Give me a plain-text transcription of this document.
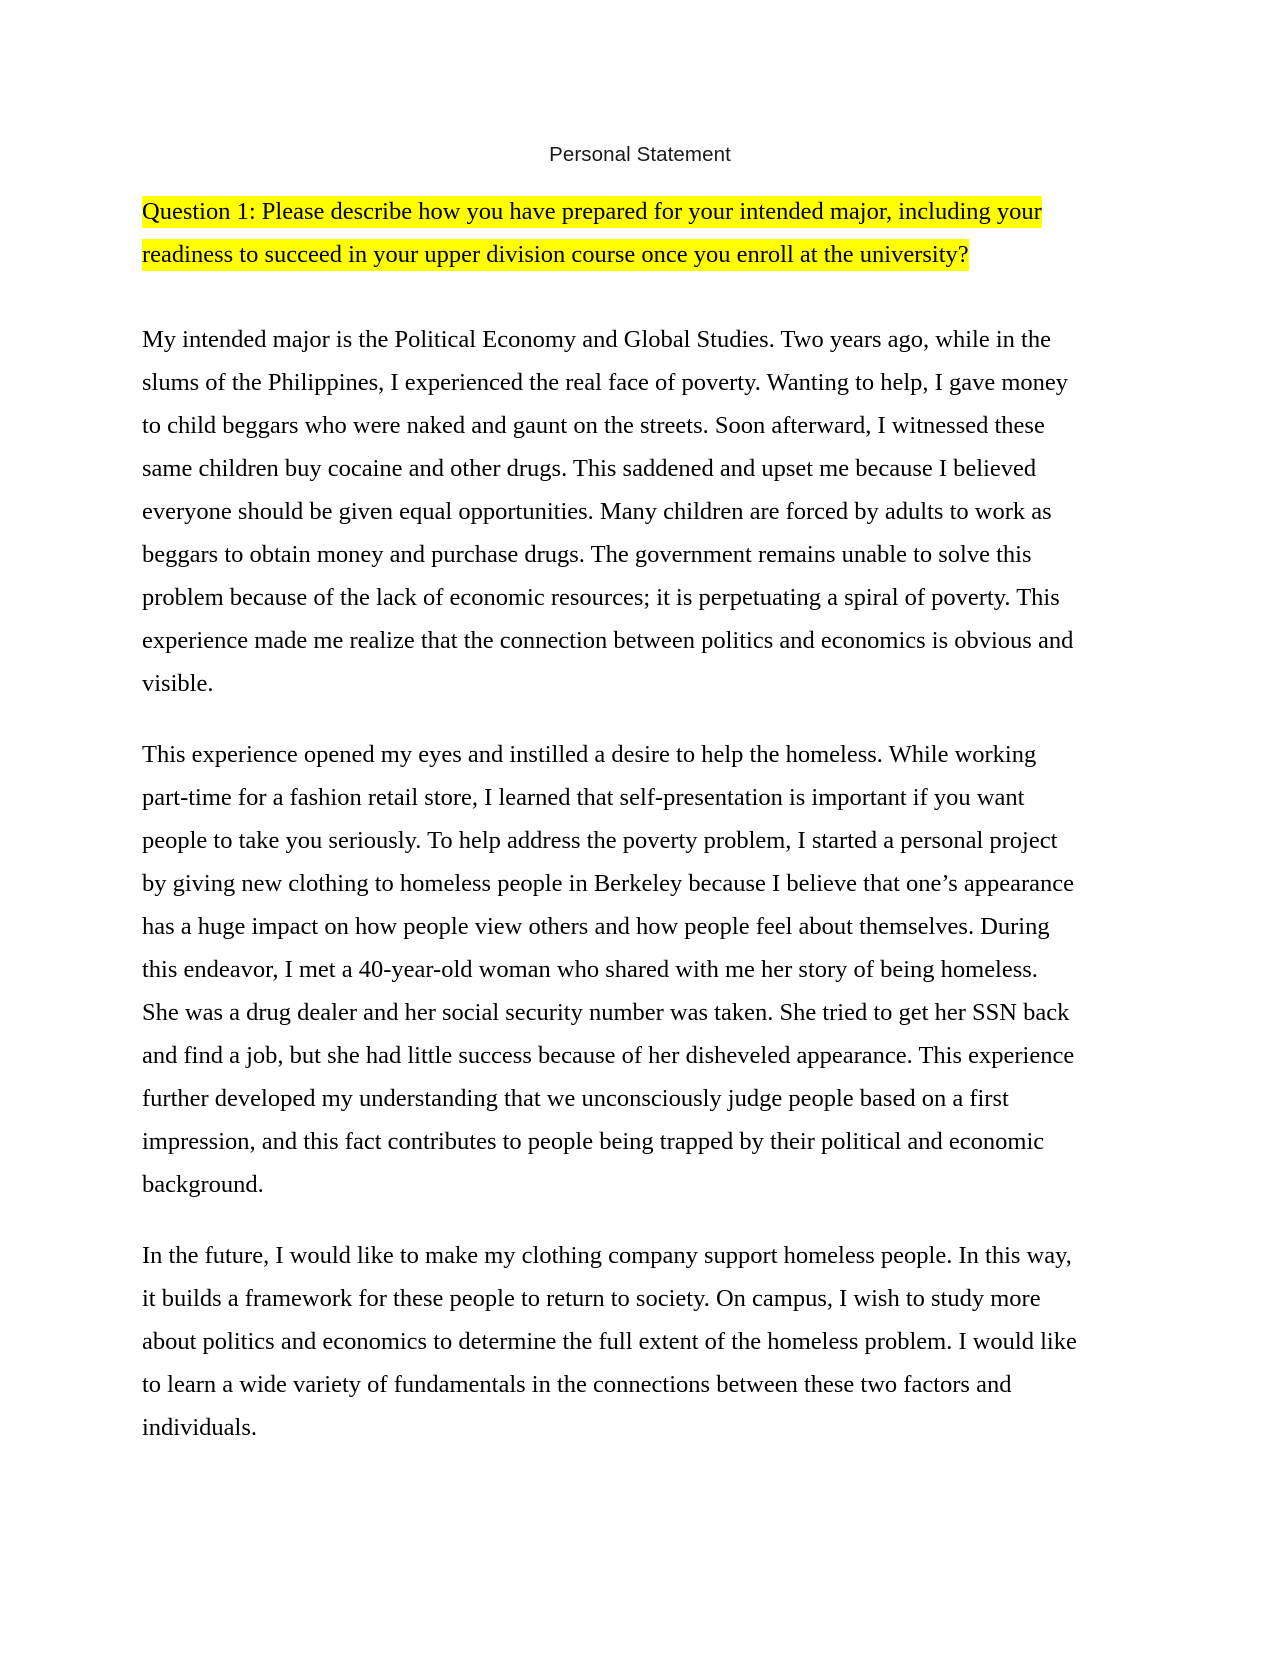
Personal Statement

Question 1: Please describe how you have prepared for your intended major, including your readiness to succeed in your upper division course once you enroll at the university?

My intended major is the Political Economy and Global Studies. Two years ago, while in the slums of the Philippines, I experienced the real face of poverty. Wanting to help, I gave money to child beggars who were naked and gaunt on the streets. Soon afterward, I witnessed these same children buy cocaine and other drugs. This saddened and upset me because I believed everyone should be given equal opportunities. Many children are forced by adults to work as beggars to obtain money and purchase drugs. The government remains unable to solve this problem because of the lack of economic resources; it is perpetuating a spiral of poverty. This experience made me realize that the connection between politics and economics is obvious and visible.

This experience opened my eyes and instilled a desire to help the homeless. While working part-time for a fashion retail store, I learned that self-presentation is important if you want people to take you seriously. To help address the poverty problem, I started a personal project by giving new clothing to homeless people in Berkeley because I believe that one’s appearance has a huge impact on how people view others and how people feel about themselves. During this endeavor, I met a 40-year-old woman who shared with me her story of being homeless. She was a drug dealer and her social security number was taken. She tried to get her SSN back and find a job, but she had little success because of her disheveled appearance. This experience further developed my understanding that we unconsciously judge people based on a first impression, and this fact contributes to people being trapped by their political and economic background.

In the future, I would like to make my clothing company support homeless people. In this way, it builds a framework for these people to return to society. On campus, I wish to study more about politics and economics to determine the full extent of the homeless problem. I would like to learn a wide variety of fundamentals in the connections between these two factors and individuals.
